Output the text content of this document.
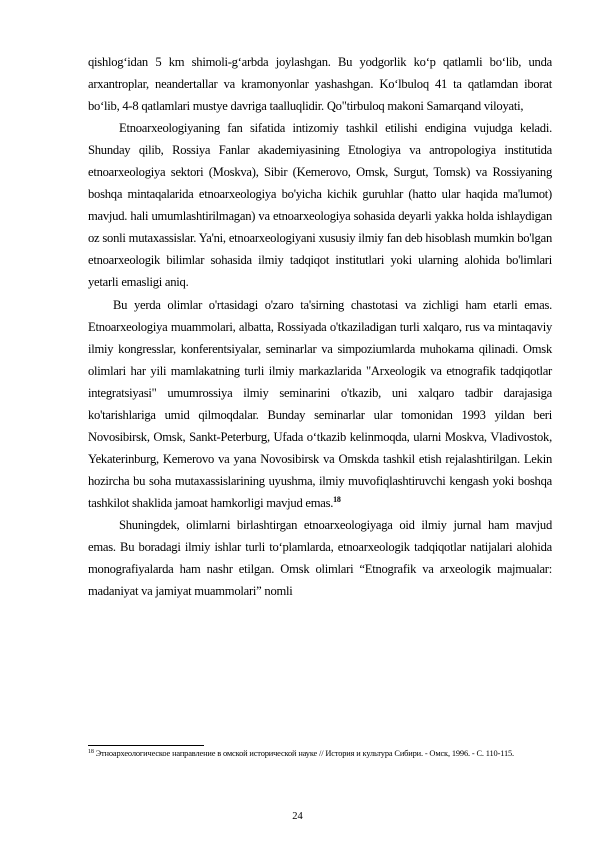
qishlog‘idan 5 km shimoli-g‘arbda joylashgan. Bu yodgorlik ko‘p qatlamli bo‘lib, unda arxantroplar, neandertallar va kramonyonlar yashashgan. Ko‘lbuloq 41 ta qatlamdan iborat bo‘lib, 4-8 qatlamlari mustye davriga taalluqlidir. Qo"tirbuloq makoni Samarqand viloyati,

Etnoarxeologiyaning fan sifatida intizomiy tashkil etilishi endigina vujudga keladi. Shunday qilib, Rossiya Fanlar akademiyasining Etnologiya va antropologiya institutida etnoarxeologiya sektori (Moskva), Sibir (Kemerovo, Omsk, Surgut, Tomsk) va Rossiyaning boshqa mintaqalarida etnoarxeologiya bo'yicha kichik guruhlar (hatto ular haqida ma'lumot) mavjud. hali umumlashtirilmagan) va etnoarxeologiya sohasida deyarli yakka holda ishlaydigan oz sonli mutaxassislar. Ya'ni, etnoarxeologiyani xususiy ilmiy fan deb hisoblash mumkin bo'lgan etnoarxeologik bilimlar sohasida ilmiy tadqiqot institutlari yoki ularning alohida bo'limlari yetarli emasligi aniq.

Bu yerda olimlar o'rtasidagi o'zaro ta'sirning chastotasi va zichligi ham etarli emas. Etnoarxeologiya muammolari, albatta, Rossiyada o'tkaziladigan turli xalqaro, rus va mintaqaviy ilmiy kongresslar, konferentsiyalar, seminarlar va simpoziumlarda muhokama qilinadi. Omsk olimlari har yili mamlakatning turli ilmiy markazlarida "Arxeologik va etnografik tadqiqotlar integratsiyasi" umumrossiya ilmiy seminarini o'tkazib, uni xalqaro tadbir darajasiga ko'tarishlariga umid qilmoqdalar. Bunday seminarlar ular tomonidan 1993 yildan beri Novosibirsk, Omsk, Sankt-Peterburg, Ufada o‘tkazib kelinmoqda, ularni Moskva, Vladivostok, Yekaterinburg, Kemerovo va yana Novosibirsk va Omskda tashkil etish rejalashtirilgan. Lekin hozircha bu soha mutaxassislarining uyushma, ilmiy muvofiqlashtiruvchi kengash yoki boshqa tashkilot shaklida jamoat hamkorligi mavjud emas.$^{18}$

Shuningdek, olimlarni birlashtirgan etnoarxeologiyaga oid ilmiy jurnal ham mavjud emas. Bu boradagi ilmiy ishlar turli to‘plamlarda, etnoarxeologik tadqiqotlar natijalari alohida monografiyalarda ham nashr etilgan. Omsk olimlari “Etnografik va arxeologik majmualar: madaniyat va jamiyat muammolari” nomli

$^{18}$ Этноархеологическое направление в омской исторической науке // История и культура Сибири. - Омск, 1996. - С. 110-115.
24
